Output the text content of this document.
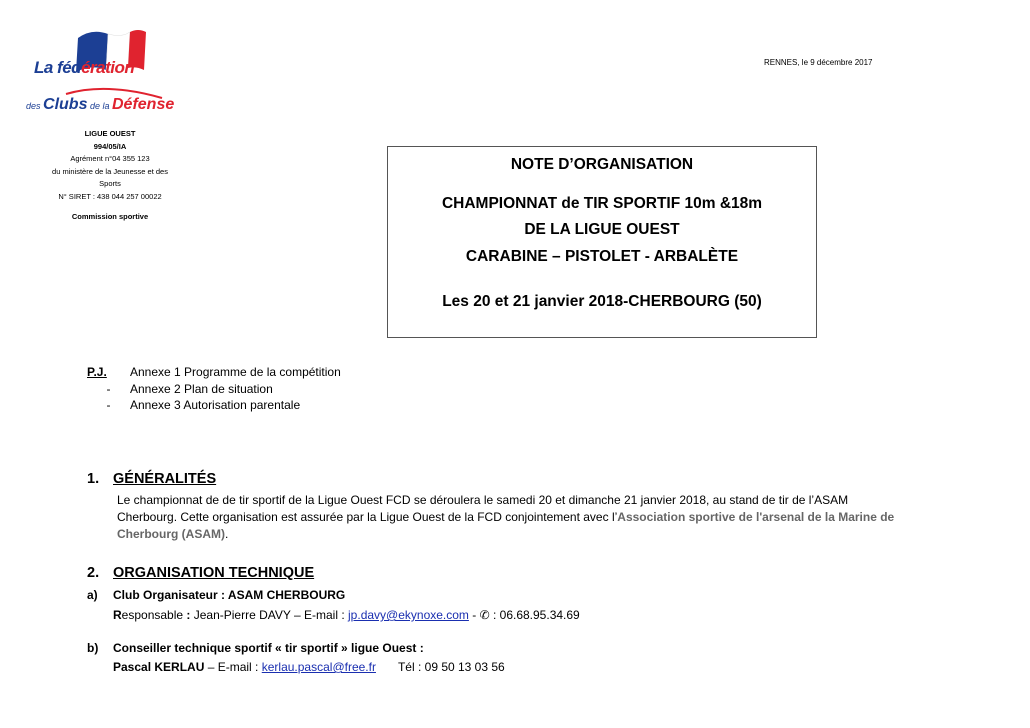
La fédération
des Clubs de la Défense
LIGUE OUEST
994/05/IA
Agrément n°04 355 123
du ministère de la Jeunesse et des
Sports
N° SIRET : 438 044 257 00022
Commission sportive
RENNES, le 9 décembre 2017
NOTE D’ORGANISATION
CHAMPIONNAT de TIR SPORTIF 10m &18m
DE LA LIGUE OUEST
CARABINE – PISTOLET - ARBALÈTE
Les 20 et 21 janvier 2018-CHERBOURG (50)
P.J. Annexe 1 Programme de la compétition
- Annexe 2 Plan de situation
- Annexe 3 Autorisation parentale
1. GÉNÉRALITÉS
Le championnat de de tir sportif de la Ligue Ouest FCD se déroulera le samedi 20 et dimanche 21 janvier 2018, au stand de tir de l’ASAM
Cherbourg. Cette organisation est assurée par la Ligue Ouest de la FCD conjointement avec l’Association sportive de l'arsenal de la Marine de
Cherbourg (ASAM).
2. ORGANISATION TECHNIQUE
a) Club Organisateur : ASAM CHERBOURG
Responsable : Jean-Pierre DAVY – E-mail : jp.davy@ekynoxe.com - ✆ : 06.68.95.34.69
b) Conseiller technique sportif « tir sportif » ligue Ouest :
Pascal KERLAU – E-mail : kerlau.pascal@free.fr Tél : 09 50 13 03 56
